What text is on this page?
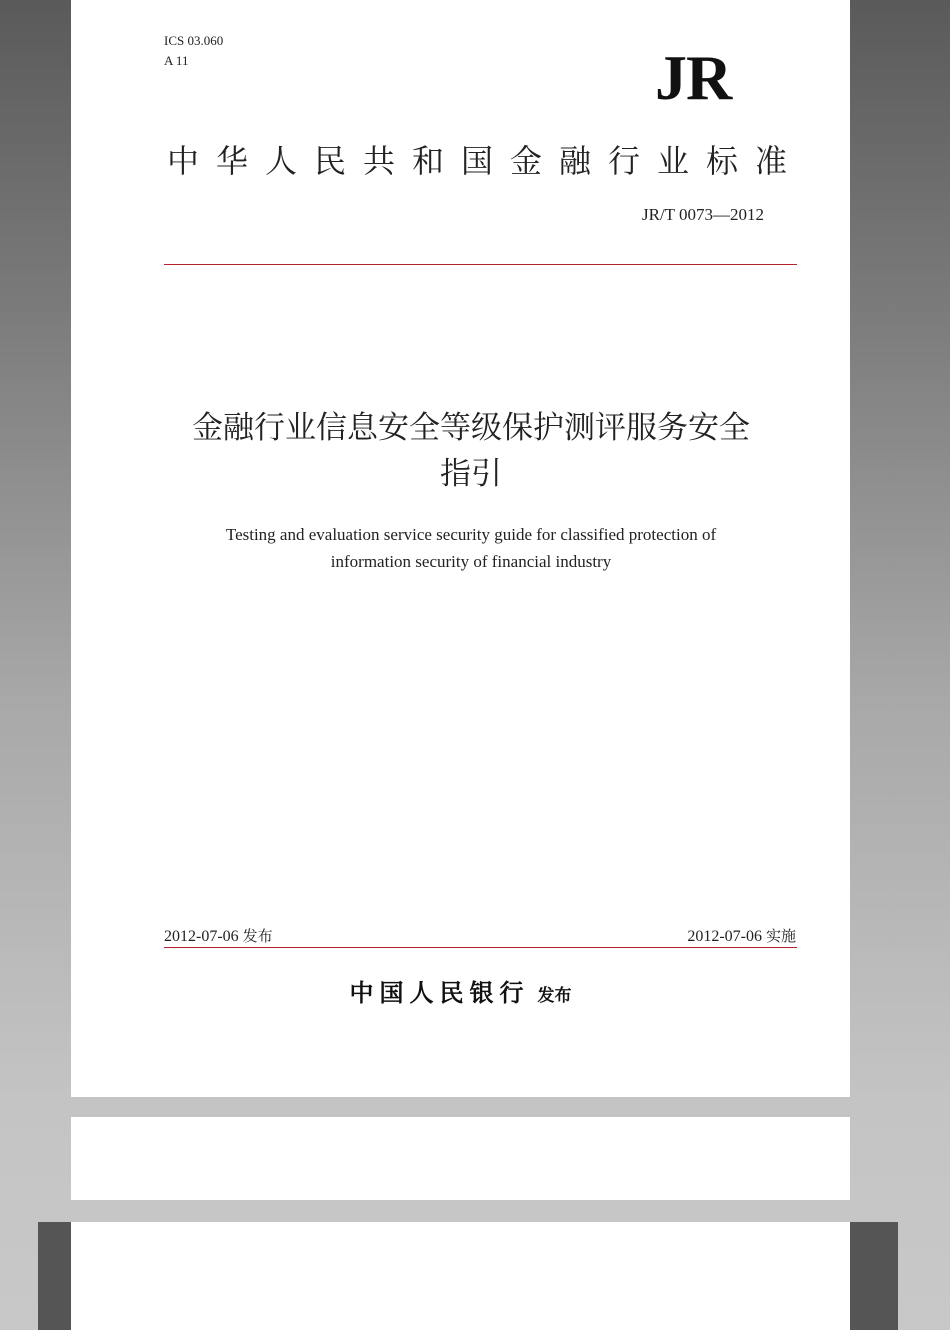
ICS 03.060
A 11	JR
中华人民共和国金融行业标准
JR/T 0073—2012
金融行业信息安全等级保护测评服务安全
指引
Testing and evaluation service security guide for classified protection of
information security of financial industry
2012-07-06 发布	2012-07-06 实施
中国人民银行 发布
